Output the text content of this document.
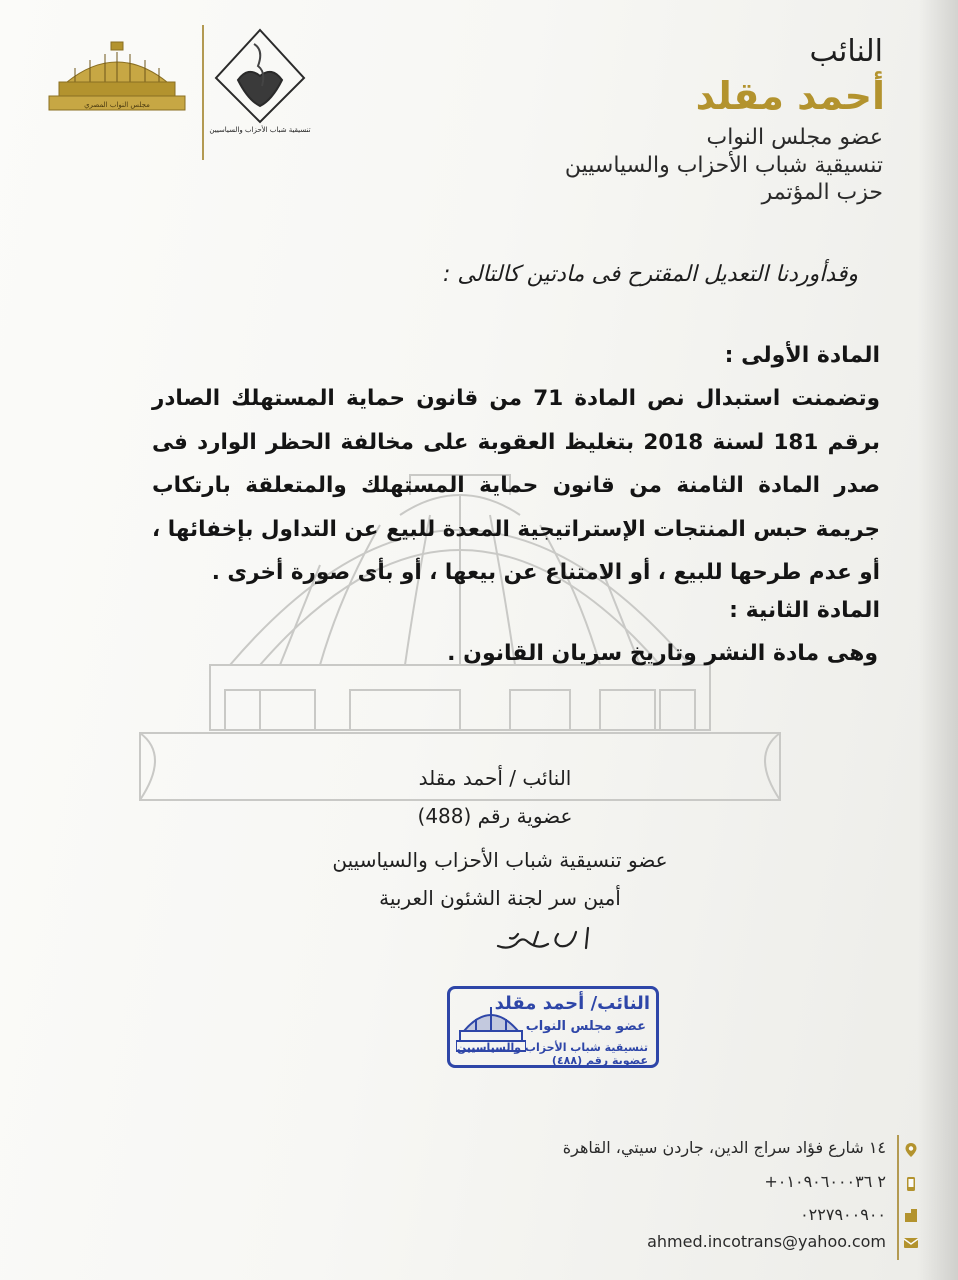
مجلس النواب المصري
تنسيقية شباب الأحزاب والسياسيين
النائب
أحمد مقلد
عضو مجلس النواب
تنسيقية شباب الأحزاب والسياسيين
حزب المؤتمر
وقدأوردنا التعديل المقترح فى مادتين كالتالى :
المادة الأولى :
وتضمنت استبدال نص المادة 71 من قانون حماية المستهلك الصادر برقم 181 لسنة 2018 بتغليظ العقوبة على مخالفة الحظر الوارد فى صدر المادة الثامنة من قانون حماية المستهلك والمتعلقة بارتكاب جريمة حبس المنتجات الإستراتيجية المعدة للبيع عن التداول بإخفائها ، أو عدم طرحها للبيع ، أو الامتناع عن بيعها ، أو بأى صورة أخرى .
المادة الثانية :
وهى مادة النشر وتاريخ سريان القانون .
النائب / أحمد مقلد
عضوية رقم (488)
عضو تنسيقية شباب الأحزاب والسياسيين
أمين سر لجنة الشئون العربية
النائب/ أحمد مقلد
عضو مجلس النواب
تنسيقية شباب الأحزاب والسياسيين عضوية رقم (٤٨٨)
١٤ شارع فؤاد سراج الدين، جاردن سيتي، القاهرة
+٢ ٠١٠٩٠٦٠٠٠٣٦
٠٢٢٧٩٠٠٩٠٠
ahmed.incotrans@yahoo.com
